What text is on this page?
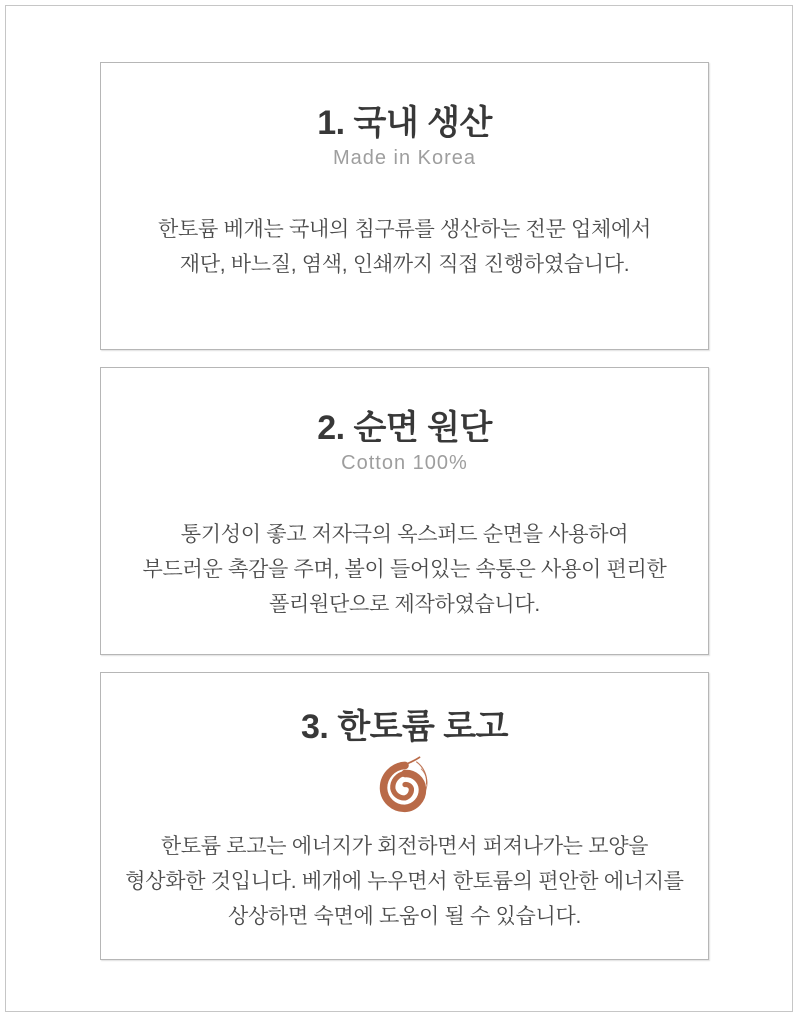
1. 국내 생산
Made in Korea
한토륨 베개는 국내의 침구류를 생산하는 전문 업체에서
재단, 바느질, 염색, 인쇄까지 직접 진행하였습니다.
2. 순면 원단
Cotton 100%
통기성이 좋고 저자극의 옥스퍼드 순면을 사용하여
부드러운 촉감을 주며, 볼이 들어있는 속통은 사용이 편리한
폴리원단으로 제작하였습니다.
3. 한토륨 로고
한토륨 로고는 에너지가 회전하면서 퍼져나가는 모양을
형상화한 것입니다. 베개에 누우면서 한토륨의 편안한 에너지를
상상하면 숙면에 도움이 될 수 있습니다.
